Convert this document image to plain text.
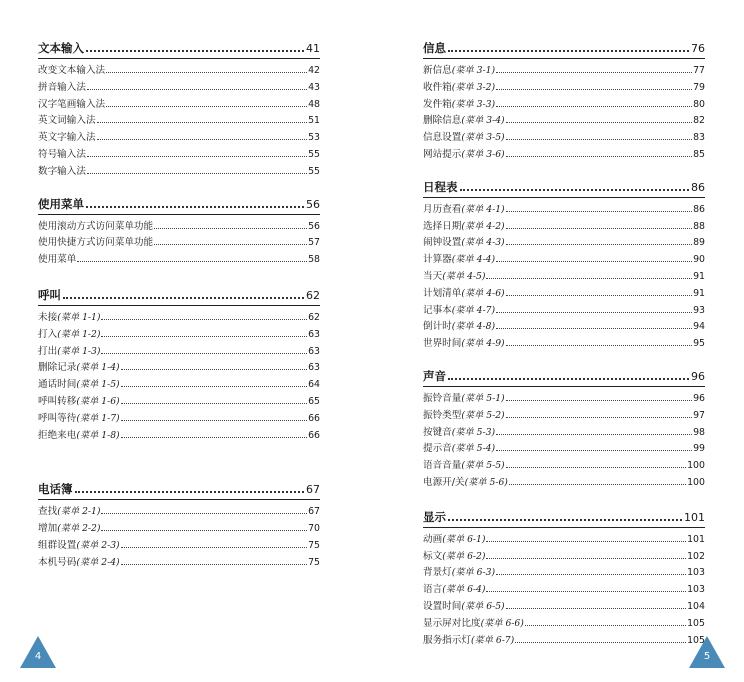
文本输入	41
改变文本输入法	42
拼音输入法	43
汉字笔画输入法	48
英文词输入法	51
英文字输入法	53
符号输入法	55
数字输入法	55
使用菜单	56
使用滚动方式访问菜单功能	56
使用快捷方式访问菜单功能	57
使用菜单	58
呼叫	62
未接 (菜单 1-1)	62
打入 (菜单 1-2)	63
打出 (菜单 1-3)	63
删除记录 (菜单 1-4)	63
通话时间 (菜单 1-5)	64
呼叫转移 (菜单 1-6)	65
呼叫等待 (菜单 1-7)	66
拒绝来电 (菜单 1-8)	66
电话簿	67
查找 (菜单 2-1)	67
增加 (菜单 2-2)	70
组群设置 (菜单 2-3)	75
本机号码 (菜单 2-4)	75
信息	76
新信息 (菜单 3-1)	77
收件箱 (菜单 3-2)	79
发件箱 (菜单 3-3)	80
删除信息 (菜单 3-4)	82
信息设置 (菜单 3-5)	83
网站提示 (菜单 3-6)	85
日程表	86
月历查看 (菜单 4-1)	86
选择日期 (菜单 4-2)	88
闹钟设置 (菜单 4-3)	89
计算器 (菜单 4-4)	90
当天 (菜单 4-5)	91
计划清单 (菜单 4-6)	91
记事本 (菜单 4-7)	93
倒计时 (菜单 4-8)	94
世界时间 (菜单 4-9)	95
声音	96
振铃音量 (菜单 5-1)	96
振铃类型 (菜单 5-2)	97
按键音 (菜单 5-3)	98
提示音 (菜单 5-4)	99
语音音量 (菜单 5-5)	100
电源开/关 (菜单 5-6)	100
显示	101
动画 (菜单 6-1)	101
标文 (菜单 6-2)	102
背景灯 (菜单 6-3)	103
语言 (菜单 6-4)	103
设置时间 (菜单 6-5)	104
显示屏对比度 (菜单 6-6)	105
服务指示灯 (菜单 6-7)	105
4	5
